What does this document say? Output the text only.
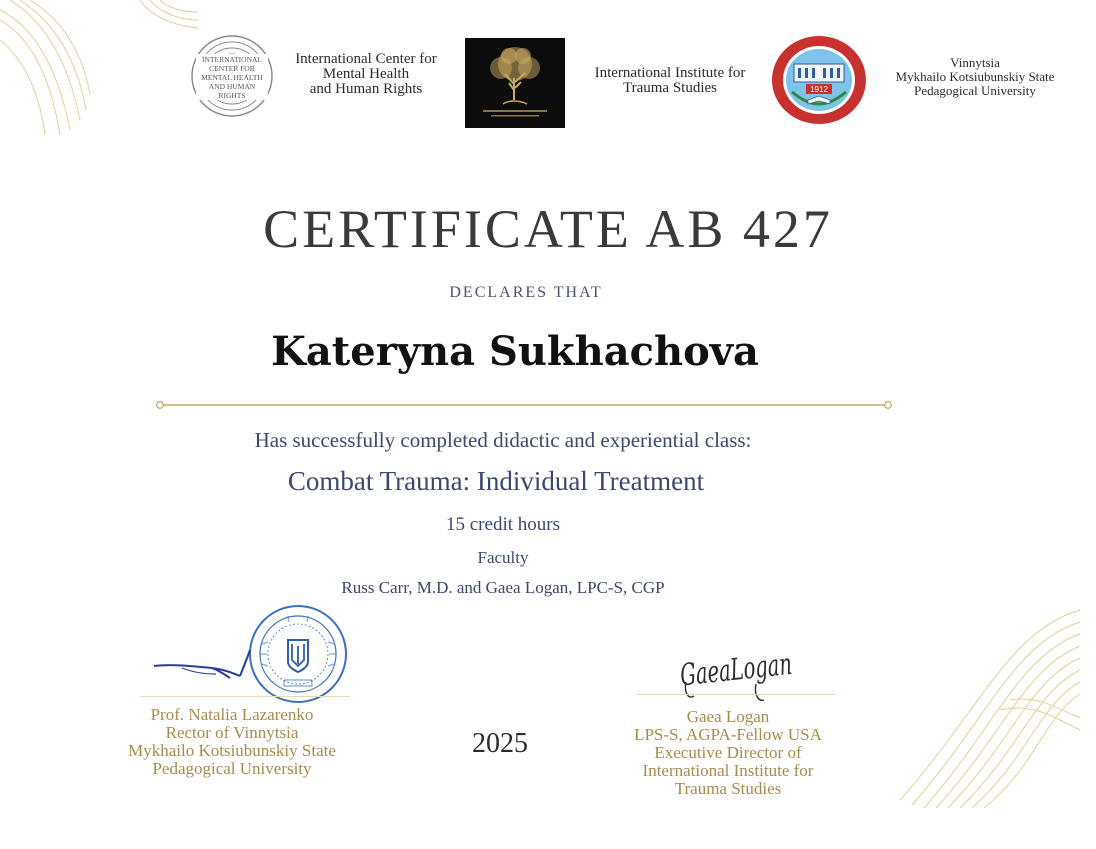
INTERNATIONAL
CENTER FOR
MENTAL HEALTH
AND HUMAN
RIGHTS
International Center for
Mental Health
and Human Rights
International Institute for
Trauma Studies	1912
Vinnytsia
Mykhailo Kotsiubunskiy State
Pedagogical University
CERTIFICATE AB 427
DECLARES THAT
Kateryna Sukhachova
Has successfully completed didactic and experiential class:
Combat Trauma: Individual Treatment
15 credit hours
Faculty
Russ Carr, M.D. and Gaea Logan, LPC-S, CGP
Prof. Natalia Lazarenko
Rector of Vinnytsia
Mykhailo Kotsiubunskiy State
Pedagogical University
2025
GaeaLogan
Gaea Logan
LPS-S, AGPA-Fellow USA
Executive Director of
International Institute for
Trauma Studies
